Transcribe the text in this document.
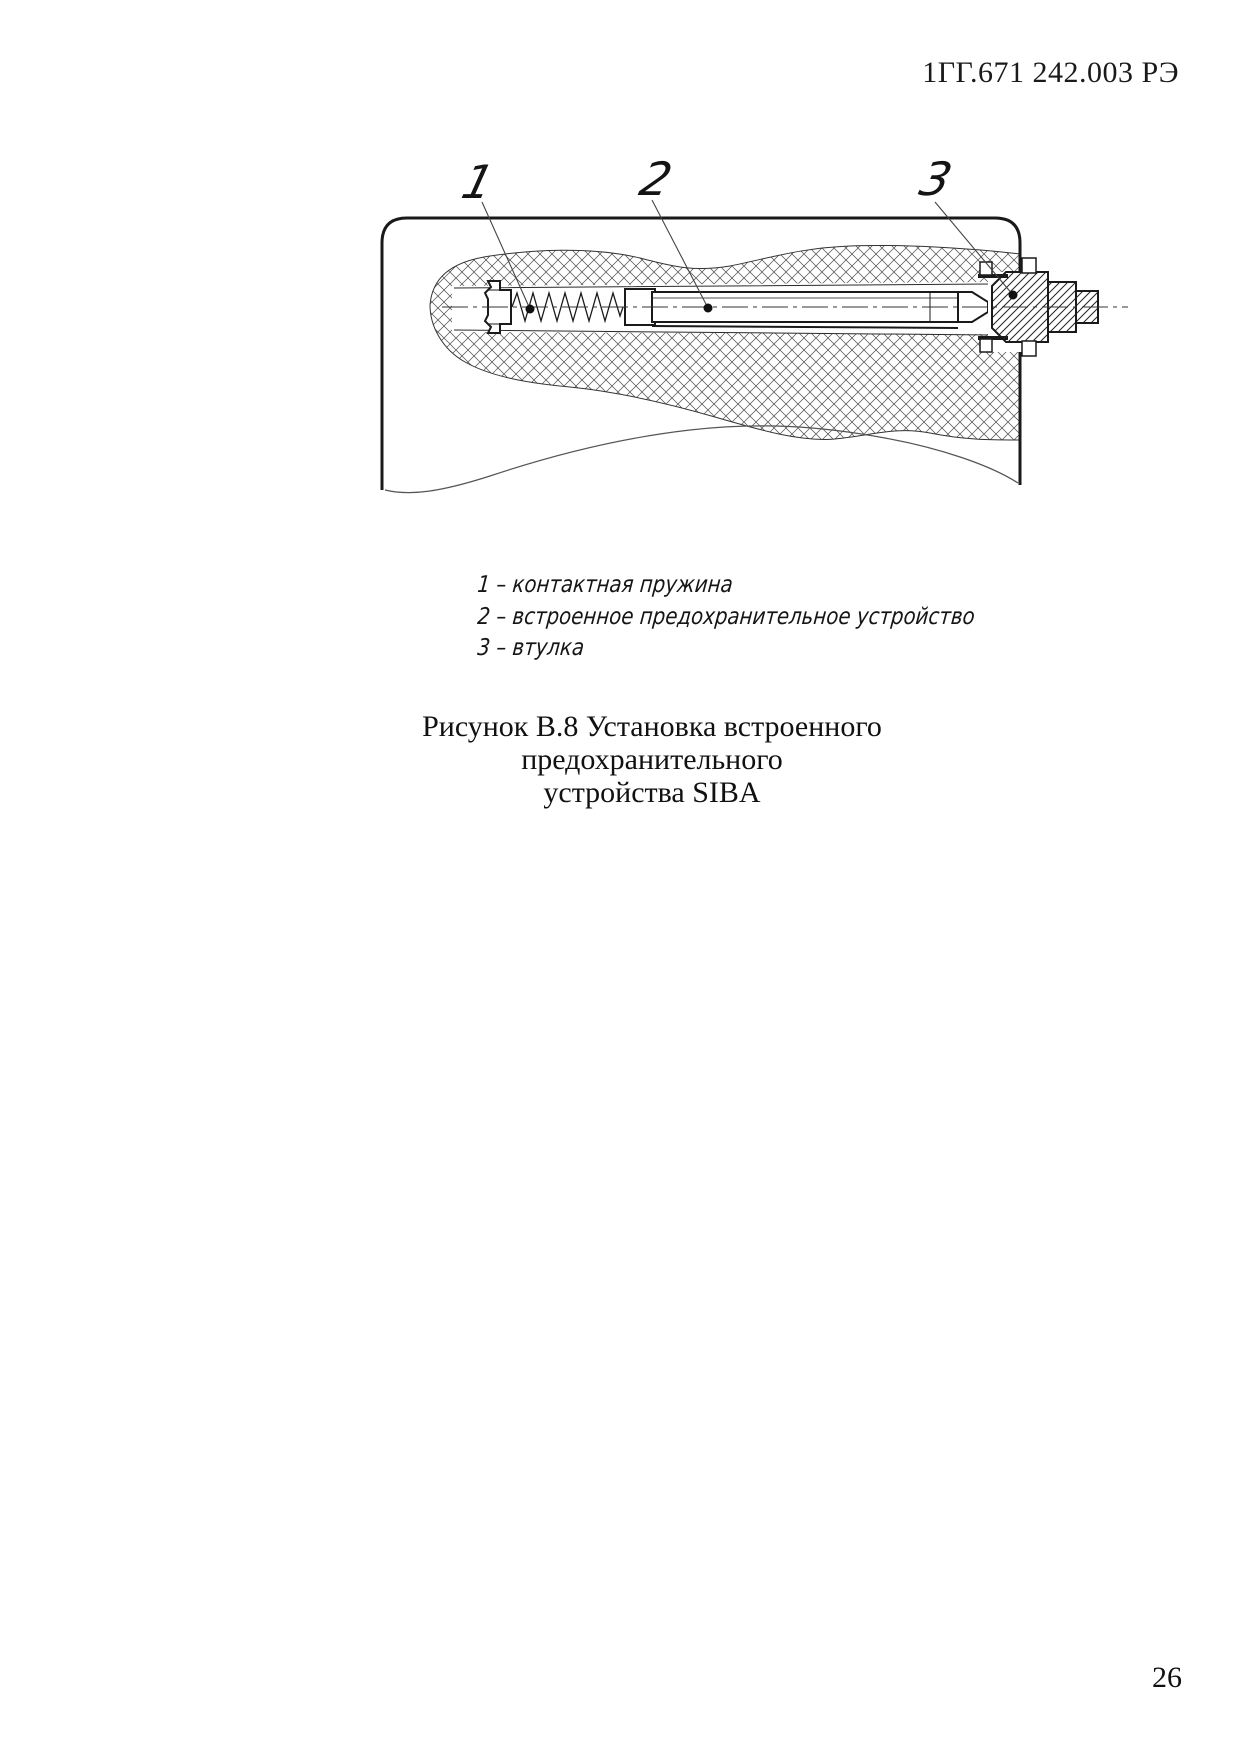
1ГГ.671 242.003 РЭ
1	2	3
1 – контактная пружина
2 – встроенное предохранительное устройство
3 – втулка
Рисунок В.8 Установка встроенного предохранительного
устройства SIBA
26
